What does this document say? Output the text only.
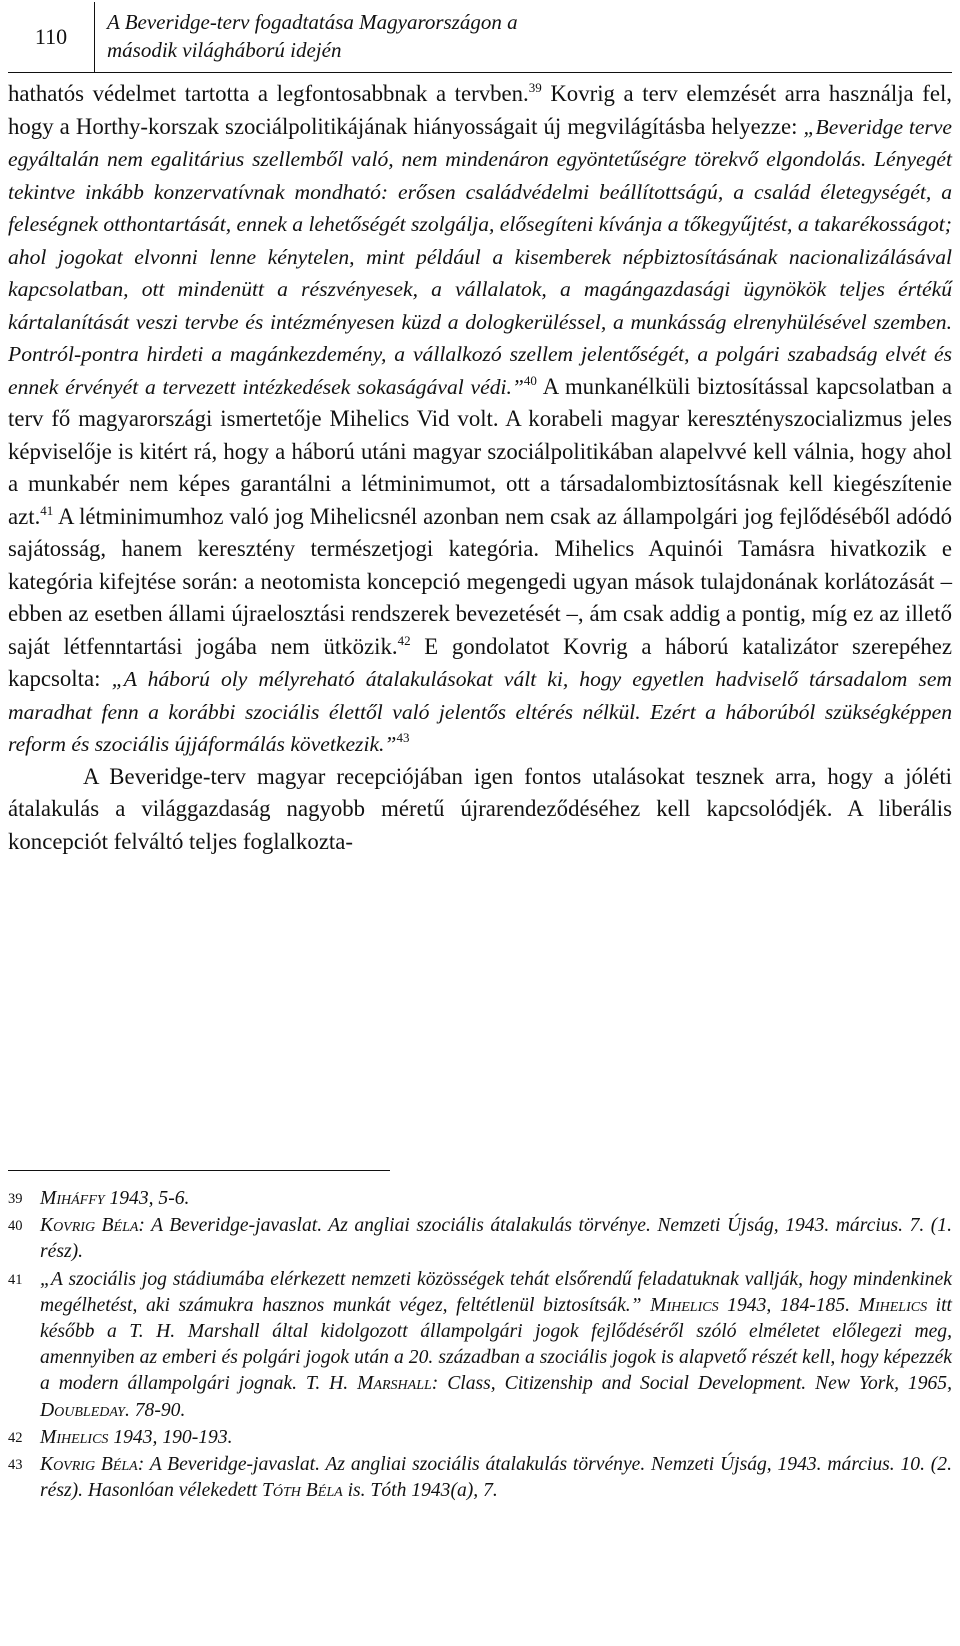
110
A Beveridge-terv fogadtatása Magyarországon a
második világháború idején

hathatós védelmet tartotta a legfontosabbnak a tervben.$^{39}$ Kovrig a terv elemzését arra használja fel, hogy a Horthy-korszak szociálpolitikájának hiányosságait új megvilágításba helyezze: „Beveridge terve egyáltalán nem egalitárius szellemből való, nem mindenáron egyöntetűségre törekvő elgondolás. Lényegét tekintve inkább konzervatívnak mondható: erősen családvédelmi beállítottságú, a család életegységét, a feleségnek otthontartását, ennek a lehetőségét szolgálja, elősegíteni kívánja a tőkegyűjtést, a takarékosságot; ahol jogokat elvonni lenne kénytelen, mint például a kisemberek népbiztosításának nacionalizálásával kapcsolatban, ott mindenütt a részvényesek, a vállalatok, a magángazdasági ügynökök teljes értékű kártalanítását veszi tervbe és intézményesen küzd a dologkerüléssel, a munkásság elrenyhülésével szemben. Pontról-pontra hirdeti a magánkezdemény, a vállalkozó szellem jelentőségét, a polgári szabadság elvét és ennek érvényét a tervezett intézkedések sokaságával védi.”$^{40}$ A munkanélküli biztosítással kapcsolatban a terv fő magyarországi ismertetője Mihelics Vid volt. A korabeli magyar keresztényszocializmus jeles képviselője is kitért rá, hogy a háború utáni magyar szociálpolitikában alapelvvé kell válnia, hogy ahol a munkabér nem képes garantálni a létminimumot, ott a társadalombiztosításnak kell kiegészítenie azt.$^{41}$ A létminimumhoz való jog Mihelicsnél azonban nem csak az állampolgári jog fejlődéséből adódó sajátosság, hanem keresztény természetjogi kategória. Mihelics Aquinói Tamásra hivatkozik e kategória kifejtése során: a neotomista koncepció megengedi ugyan mások tulajdonának korlátozását – ebben az esetben állami újraelosztási rendszerek bevezetését –, ám csak addig a pontig, míg ez az illető saját létfenntartási jogába nem ütközik.$^{42}$ E gondolatot Kovrig a háború katalizátor szerepéhez kapcsolta: „A háború oly mélyreható átalakulásokat vált ki, hogy egyetlen hadviselő társadalom sem maradhat fenn a korábbi szociális élettől való jelentős eltérés nélkül. Ezért a háborúból szükségképpen reform és szociális újjáformálás következik.”$^{43}$

A Beveridge-terv magyar recepciójában igen fontos utalásokat tesznek arra, hogy a jóléti átalakulás a világgazdaság nagyobb méretű újrarendeződéséhez kell kapcsolódjék. A liberális koncepciót felváltó teljes foglalkozta-

39 Miháffy 1943, 5-6.
40 Kovrig Béla: A Beveridge-javaslat. Az angliai szociális átalakulás törvénye. Nemzeti Újság, 1943. március. 7. (1. rész).
41 „A szociális jog stádiumába elérkezett nemzeti közösségek tehát elsőrendű feladatuknak vallják, hogy mindenkinek megélhetést, aki számukra hasznos munkát végez, feltétlenül biztosítsák.” Mihelics 1943, 184-185. Mihelics itt később a T. H. Marshall által kidolgozott állampolgári jogok fejlődéséről szóló elméletet előlegezi meg, amennyiben az emberi és polgári jogok után a 20. században a szociális jogok is alapvető részét kell, hogy képezzék a modern állampolgári jognak. T. H. Marshall: Class, Citizenship and Social Development. New York, 1965, Doubleday. 78-90.
42 Mihelics 1943, 190-193.
43 Kovrig Béla: A Beveridge-javaslat. Az angliai szociális átalakulás törvénye. Nemzeti Újság, 1943. március. 10. (2. rész). Hasonlóan vélekedett Tóth Béla is. Tóth 1943(a), 7.
